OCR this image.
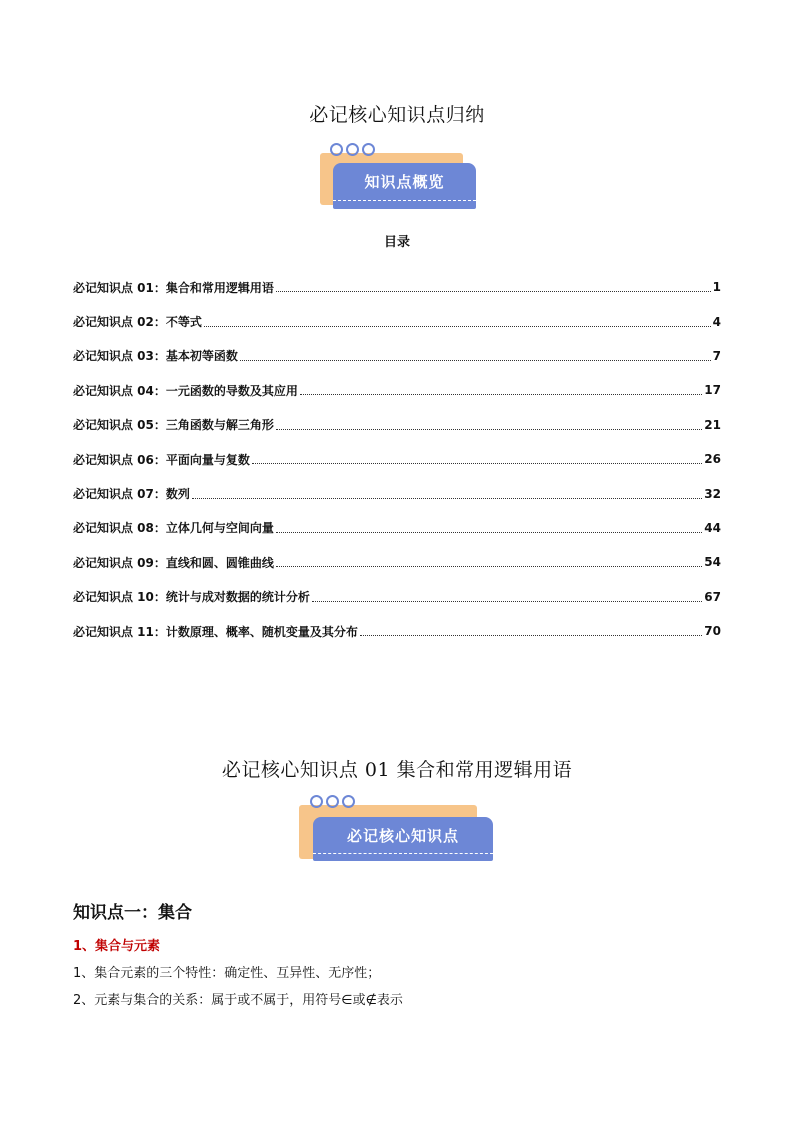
必记核心知识点归纳
知识点概览
目录
必记知识点 01：集合和常用逻辑用语	1
必记知识点 02：不等式	4
必记知识点 03：基本初等函数	7
必记知识点 04：一元函数的导数及其应用	17
必记知识点 05：三角函数与解三角形	21
必记知识点 06：平面向量与复数	26
必记知识点 07：数列	32
必记知识点 08：立体几何与空间向量	44
必记知识点 09：直线和圆、圆锥曲线	54
必记知识点 10：统计与成对数据的统计分析	67
必记知识点 11：计数原理、概率、随机变量及其分布	70
必记核心知识点 01 集合和常用逻辑用语
必记核心知识点
知识点一：集合
1、集合与元素
1、集合元素的三个特性：确定性、互异性、无序性；
2、元素与集合的关系：属于或不属于，用符号∈或∉表示
